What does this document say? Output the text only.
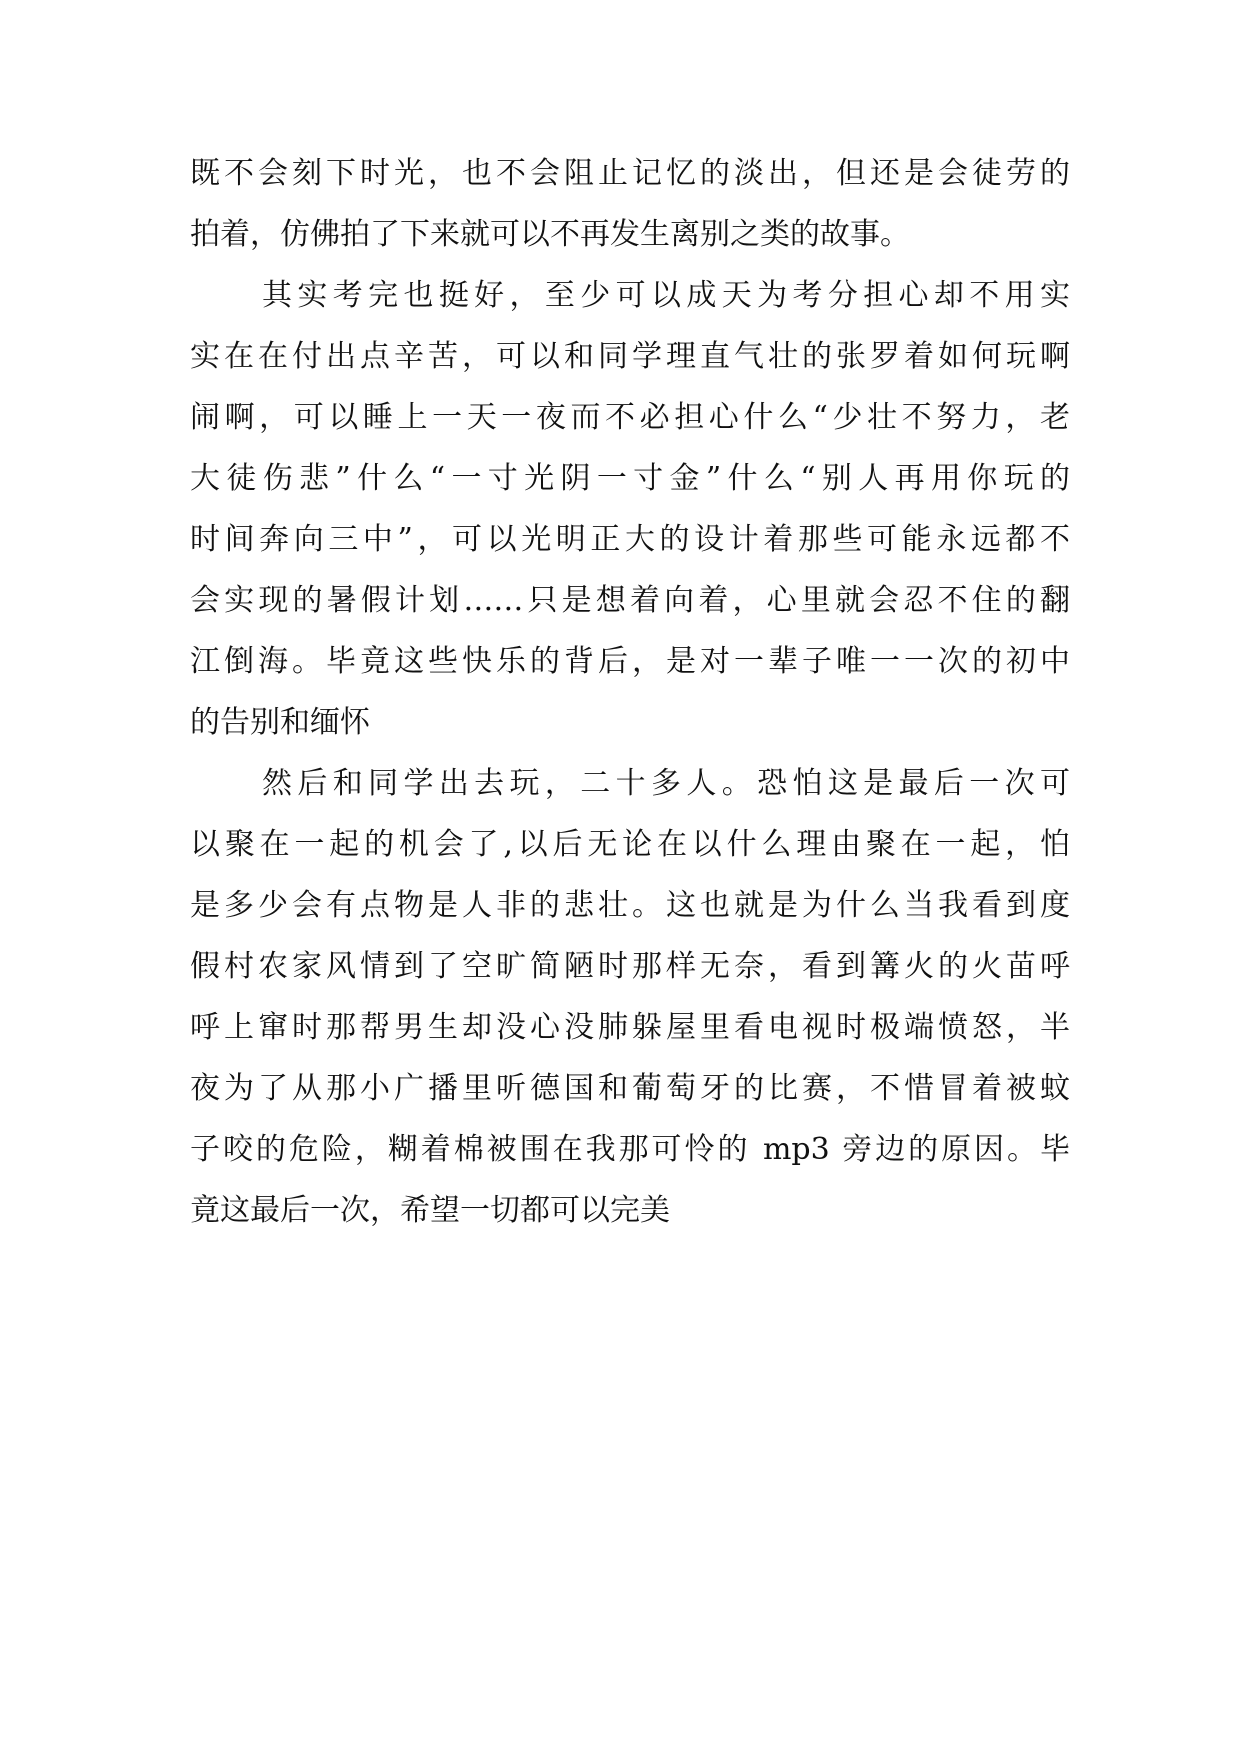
既不会刻下时光，也不会阻止记忆的淡出，但还是会徒劳的
拍着，仿佛拍了下来就可以不再发生离别之类的故事。
其实考完也挺好，至少可以成天为考分担心却不用实
实在在付出点辛苦，可以和同学理直气壮的张罗着如何玩啊
闹啊，可以睡上一天一夜而不必担心什么“少壮不努力，老
大徒伤悲”什么“一寸光阴一寸金”什么“别人再用你玩的
时间奔向三中”，可以光明正大的设计着那些可能永远都不
会实现的暑假计划……只是想着向着，心里就会忍不住的翻
江倒海。毕竟这些快乐的背后，是对一辈子唯一一次的初中
的告别和缅怀
然后和同学出去玩，二十多人。恐怕这是最后一次可
以聚在一起的机会了,以后无论在以什么理由聚在一起，怕
是多少会有点物是人非的悲壮。这也就是为什么当我看到度
假村农家风情到了空旷简陋时那样无奈，看到篝火的火苗呼
呼上窜时那帮男生却没心没肺躲屋里看电视时极端愤怒，半
夜为了从那小广播里听德国和葡萄牙的比赛，不惜冒着被蚊
子咬的危险，糊着棉被围在我那可怜的 mp3 旁边的原因。毕
竟这最后一次，希望一切都可以完美
